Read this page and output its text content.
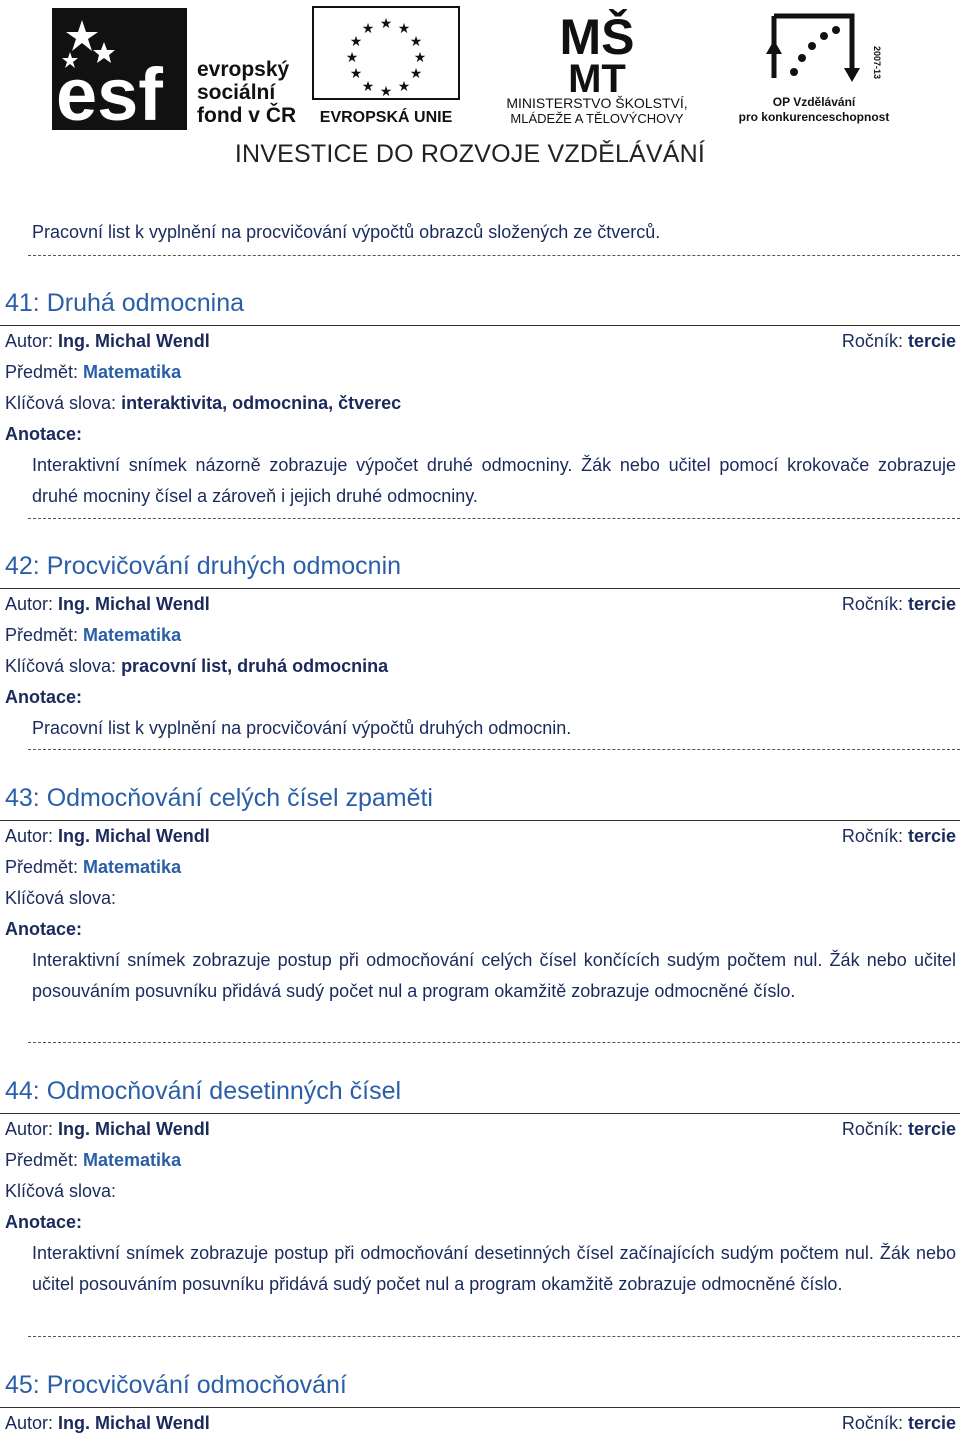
esf evropský
sociální
fond v ČR
★ ★
★
★
★
★
★
★
★
★
★
★
EVROPSKÁ UNIE
MŠ
MT
MINISTERSTVO ŠKOLSTVÍ,
MLÁDEŽE A TĚLOVÝCHOVY
2007-13
OP Vzdělávání
pro konkurenceschopnost
INVESTICE DO ROZVOJE VZDĚLÁVÁNÍ
Pracovní list k vyplnění na procvičování výpočtů obrazců složených ze čtverců.
41: Druhá odmocnina
Autor: Ing. Michal Wendl	Ročník: tercie
Předmět: Matematika
Klíčová slova: interaktivita, odmocnina, čtverec
Anotace:
Interaktivní snímek názorně zobrazuje výpočet druhé odmocniny. Žák nebo učitel pomocí krokovače zobrazuje druhé mocniny čísel a zároveň i jejich druhé odmocniny.
42: Procvičování druhých odmocnin
Autor: Ing. Michal Wendl	Ročník: tercie
Předmět: Matematika
Klíčová slova: pracovní list, druhá odmocnina
Anotace:
Pracovní list k vyplnění na procvičování výpočtů druhých odmocnin.
43: Odmocňování celých čísel zpaměti
Autor: Ing. Michal Wendl	Ročník: tercie
Předmět: Matematika
Klíčová slova:
Anotace:
Interaktivní snímek zobrazuje postup při odmocňování celých čísel končících sudým počtem nul. Žák nebo učitel posouváním posuvníku přidává sudý počet nul a program okamžitě zobrazuje odmocněné číslo.
44: Odmocňování desetinných čísel
Autor: Ing. Michal Wendl	Ročník: tercie
Předmět: Matematika
Klíčová slova:
Anotace:
Interaktivní snímek zobrazuje postup při odmocňování desetinných čísel začínajících sudým počtem nul. Žák nebo učitel posouváním posuvníku přidává sudý počet nul a program okamžitě zobrazuje odmocněné číslo.
45: Procvičování odmocňování
Autor: Ing. Michal Wendl	Ročník: tercie
